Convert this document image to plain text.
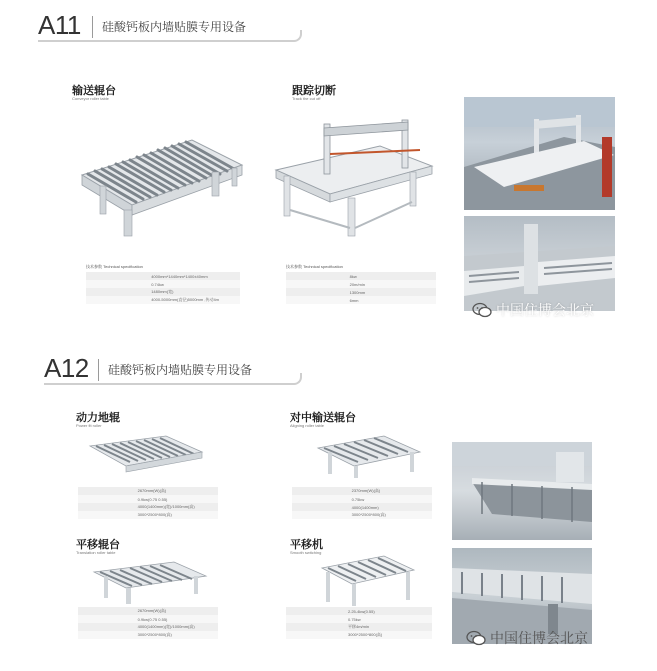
A11 硅酸钙板内墙贴膜专用设备
输送辊台
Conveyor roller table
技术参数 Technical specification
4000mm*1440mm*1400±40mm
0.74kw
1480mm(宽)
4000-5000mm(直径)5000mm ,传动4m
跟踪切断
Track the cut off
技术参数 Technical specification
8kw
20m/min
1300mm
6mm
中国住博会北京
A12 硅酸钙板内墙贴膜专用设备
动力地辊
Power fit roller
2670mm(W)(高)
0.9kw(0.75 0.55)
4000(1400mm)(宽)/1000mm(高)
3000*2500*800(高)
对中输送辊台
Aligning roller table
2370mm(W)(高)
0.75kw
4000(1400mm)
3000*2500*800(高)
平移辊台
Translation roller table
2670mm(W)(高)
0.9kw(0.75 0.55)
4000(1400mm)(宽)/1000mm(高)
3000*2500*800(高)
平移机
Smooth switching
2.25-4kw(0.55)
0.75kw
平移4m/min
3000*2500*800(高)	中国住博会北京
